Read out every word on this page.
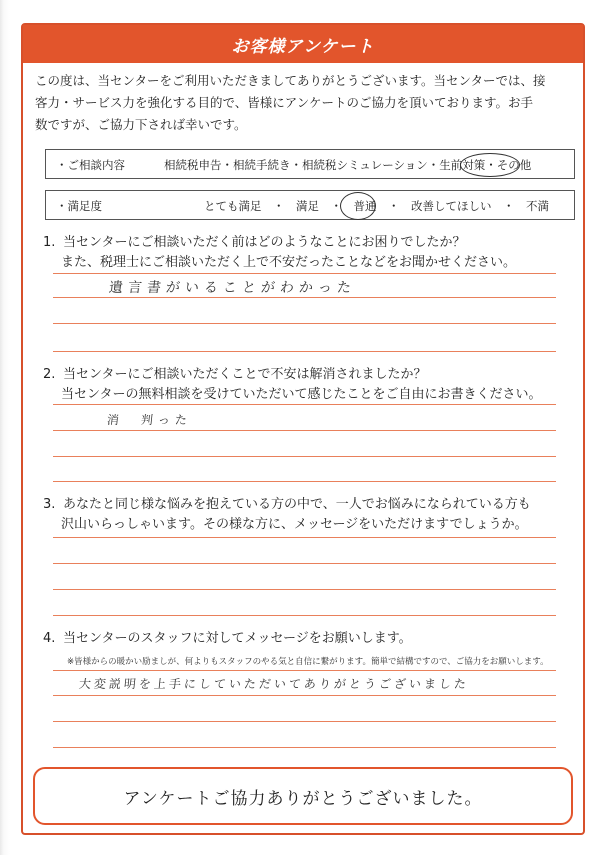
お客様アンケート
この度は、当センターをご利用いただきましてありがとうございます。当センターでは、接
客力・サービス力を強化する目的で、皆様にアンケートのご協力を頂いております。お手
数ですが、ご協力下されば幸いです。
・ご相談内容	相続税申告・相続手続き・相続税シミュレーション・生前対策・その他
・満足度	とても満足　・　満足　・　普通　・　改善してほしい　・　不満
1. 当センターにご相談いただく前はどのようなことにお困りでしたか？
また、税理士にご相談いただく上で不安だったことなどをお聞かせください。
遺言書がいることがわかった
2. 当センターにご相談いただくことで不安は解消されましたか？
当センターの無料相談を受けていただいて感じたことをご自由にお書きください。
消　判った
3. あなたと同じ様な悩みを抱えている方の中で、一人でお悩みになられている方も
沢山いらっしゃいます。その様な方に、メッセージをいただけますでしょうか。
4. 当センターのスタッフに対してメッセージをお願いします。
※皆様からの暖かい励ましが、何よりもスタッフのやる気と自信に繋がります。簡単で結構ですので、ご協力をお願いします。
大変説明を上手にしていただいてありがとうございました
アンケートご協力ありがとうございました。
